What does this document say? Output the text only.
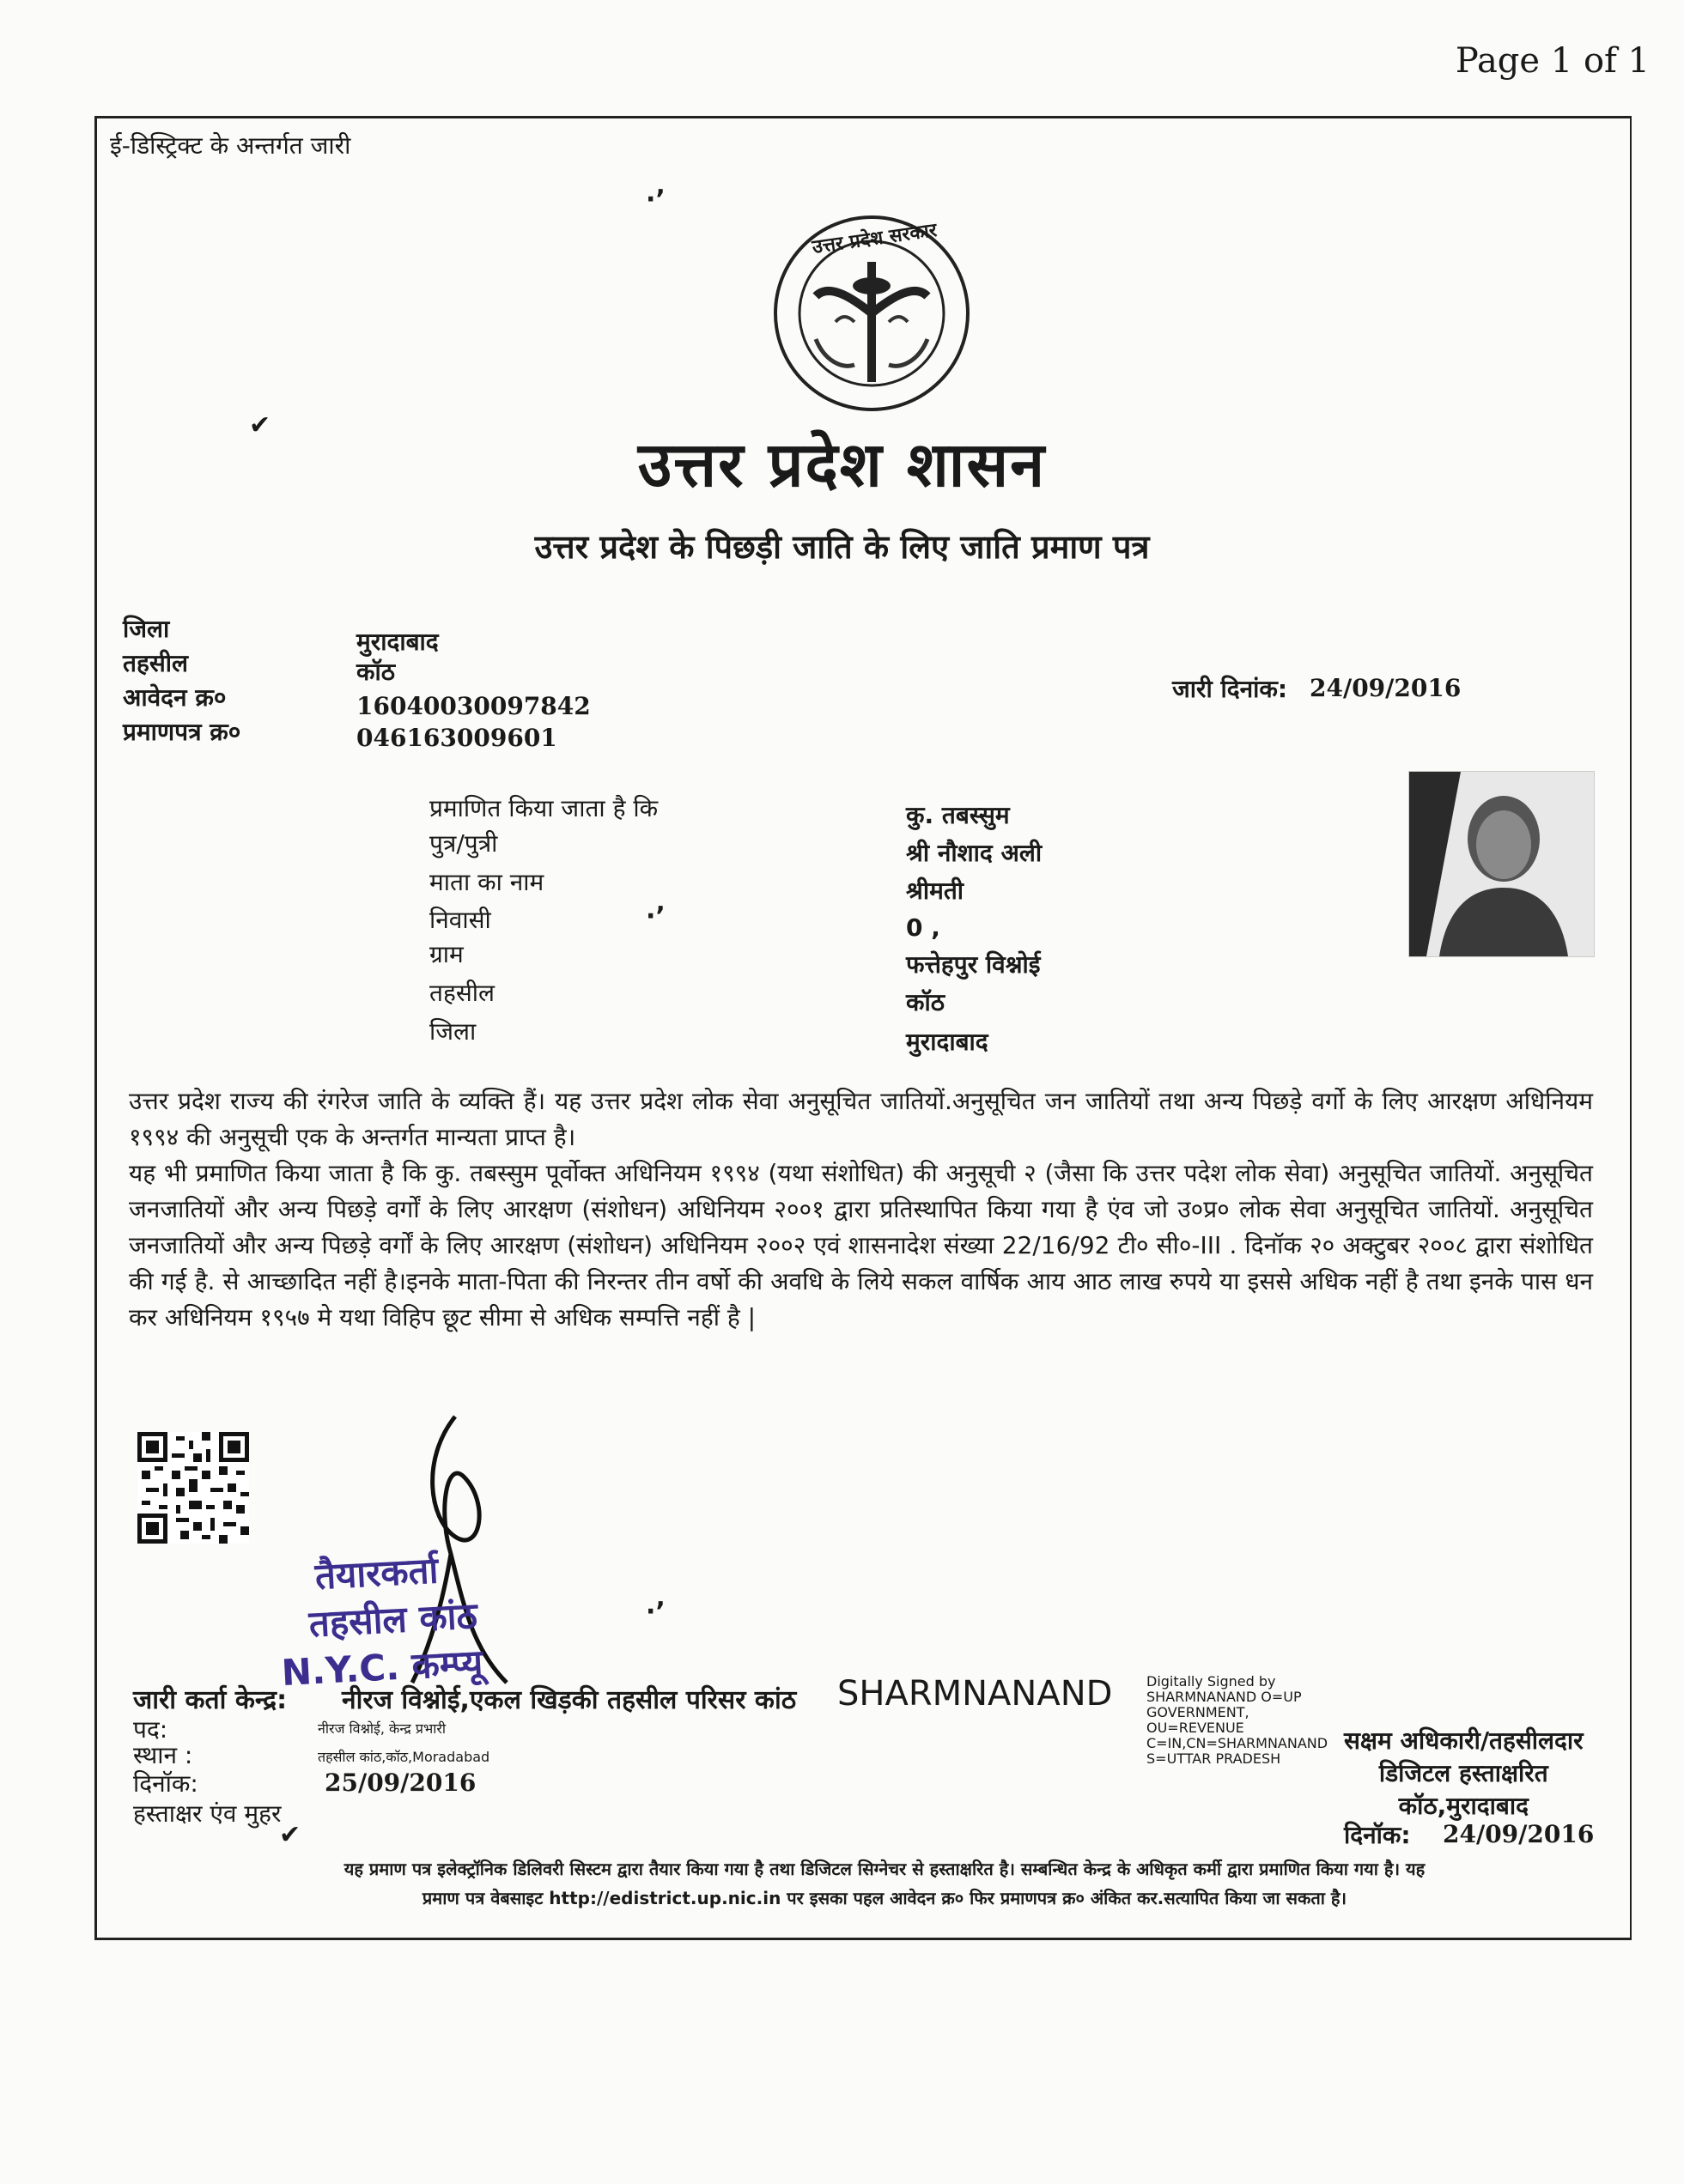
Page 1 of 1
ई-डिस्ट्रिक्ट के अन्तर्गत जारी
·ʼ
✔
·ʼ
·ʼ
✔
उत्तर प्रदेश सरकार
उत्तर प्रदेश शासन
उत्तर प्रदेश के पिछड़ी जाति के लिए जाति प्रमाण पत्र
जिला	मुरादाबाद
तहसील	कॉठ
आवेदन क्र०	16040030097842
प्रमाणपत्र क्र०	046163009601
जारी दिनांक: 24/09/2016
प्रमाणित किया जाता है कि	कु. तबस्सुम
पुत्र/पुत्री	श्री नौशाद अली
माता का नाम	श्रीमती
निवासी	0 ,
ग्राम	फत्तेहपुर विश्नोई
तहसील	कॉठ
जिला	मुरादाबाद
उत्तर प्रदेश राज्य की रंगरेज जाति के व्यक्ति हैं। यह उत्तर प्रदेश लोक सेवा अनुसूचित जातियों.अनुसूचित जन जातियों तथा अन्य पिछड़े वर्गो के लिए आरक्षण अधिनियम १९९४ की अनुसूची एक के अन्तर्गत मान्यता प्राप्त है।
यह भी प्रमाणित किया जाता है कि कु. तबस्सुम पूर्वोक्त अधिनियम १९९४ (यथा संशोधित) की अनुसूची २ (जैसा कि उत्तर पदेश लोक सेवा) अनुसूचित जातियों. अनुसूचित जनजातियों और अन्य पिछड़े वर्गों के लिए आरक्षण (संशोधन) अधिनियम २००१ द्वारा प्रतिस्थापित किया गया है एंव जो उ०प्र० लोक सेवा अनुसूचित जातियों. अनुसूचित जनजातियों और अन्य पिछड़े वर्गों के लिए आरक्षण (संशोधन) अधिनियम २००२ एवं शासनादेश संख्या 22/16/92 टी० सी०-III . दिनॉक २० अक्टुबर २००८ द्वारा संशोधित की गई है. से आच्छादित नहीं है।इनके माता-पिता की निरन्तर तीन वर्षो की अवधि के लिये सकल वार्षिक आय आठ लाख रुपये या इससे अधिक नहीं है तथा इनके पास धन कर अधिनियम १९५७ मे यथा विहिप छूट सीमा से अधिक सम्पत्ति नहीं है |
तैयारकर्ता
तहसील कांठ
N.Y.C. कम्प्यू
जारी कर्ता केन्द्र: नीरज विश्नोई,एकल खिड़की तहसील परिसर कांठ SHARMNANAND Digitally Signed by
SHARMNANAND O=UP
GOVERNMENT,
OU=REVENUE
C=IN,CN=SHARMNANAND
S=UTTAR PRADESH
पद:	नीरज विश्नोई, केन्द्र प्रभारी
स्थान :	तहसील कांठ,कॉठ,Moradabad
दिनॉक:	25/09/2016
हस्ताक्षर एंव मुहर
सक्षम अधिकारी/तहसीलदार
डिजिटल हस्ताक्षरित
कॉठ,मुरादाबाद
दिनॉक: 24/09/2016
यह प्रमाण पत्र इलेक्ट्रॉनिक डिलिवरी सिस्टम द्वारा तैयार किया गया है तथा डिजिटल सिग्नेचर से हस्ताक्षरित है। सम्बन्धित केन्द्र के अधिकृत कर्मी द्वारा प्रमाणित किया गया है। यह
प्रमाण पत्र वेबसाइट http://edistrict.up.nic.in पर इसका पहल आवेदन क्र० फिर प्रमाणपत्र क्र० अंकित कर.सत्यापित किया जा सकता है।
